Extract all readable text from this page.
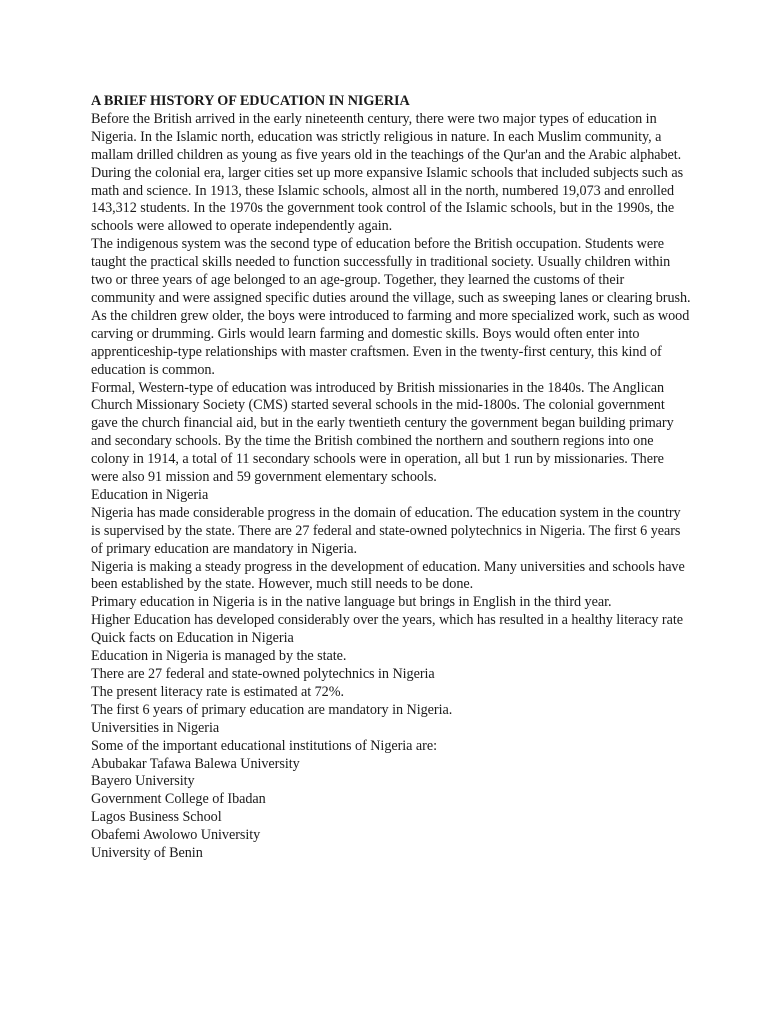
A BRIEF HISTORY OF EDUCATION IN NIGERIA

Before the British arrived in the early nineteenth century, there were two major types of education in Nigeria. In the Islamic north, education was strictly religious in nature. In each Muslim community, a mallam drilled children as young as five years old in the teachings of the Qur'an and the Arabic alphabet. During the colonial era, larger cities set up more expansive Islamic schools that included subjects such as math and science. In 1913, these Islamic schools, almost all in the north, numbered 19,073 and enrolled 143,312 students. In the 1970s the government took control of the Islamic schools, but in the 1990s, the schools were allowed to operate independently again.

The indigenous system was the second type of education before the British occupation. Students were taught the practical skills needed to function successfully in traditional society. Usually children within two or three years of age belonged to an age-group. Together, they learned the customs of their community and were assigned specific duties around the village, such as sweeping lanes or clearing brush. As the children grew older, the boys were introduced to farming and more specialized work, such as wood carving or drumming. Girls would learn farming and domestic skills. Boys would often enter into apprenticeship-type relationships with master craftsmen. Even in the twenty-first century, this kind of education is common.

Formal, Western-type of education was introduced by British missionaries in the 1840s. The Anglican Church Missionary Society (CMS) started several schools in the mid-1800s. The colonial government gave the church financial aid, but in the early twentieth century the government began building primary and secondary schools. By the time the British combined the northern and southern regions into one colony in 1914, a total of 11 secondary schools were in operation, all but 1 run by missionaries. There were also 91 mission and 59 government elementary schools.

Education in Nigeria

Nigeria has made considerable progress in the domain of education. The education system in the country is supervised by the state. There are 27 federal and state-owned polytechnics in Nigeria. The first 6 years of primary education are mandatory in Nigeria.

Nigeria is making a steady progress in the development of education. Many universities and schools have been established by the state. However, much still needs to be done.

Primary education in Nigeria is in the native language but brings in English in the third year.

Higher Education has developed considerably over the years, which has resulted in a healthy literacy rate

Quick facts on Education in Nigeria

Education in Nigeria is managed by the state.

There are 27 federal and state-owned polytechnics in Nigeria

The present literacy rate is estimated at 72%.

The first 6 years of primary education are mandatory in Nigeria.

Universities in Nigeria

Some of the important educational institutions of Nigeria are:

Abubakar Tafawa Balewa University

Bayero University

Government College of Ibadan

Lagos Business School

Obafemi Awolowo University

University of Benin
